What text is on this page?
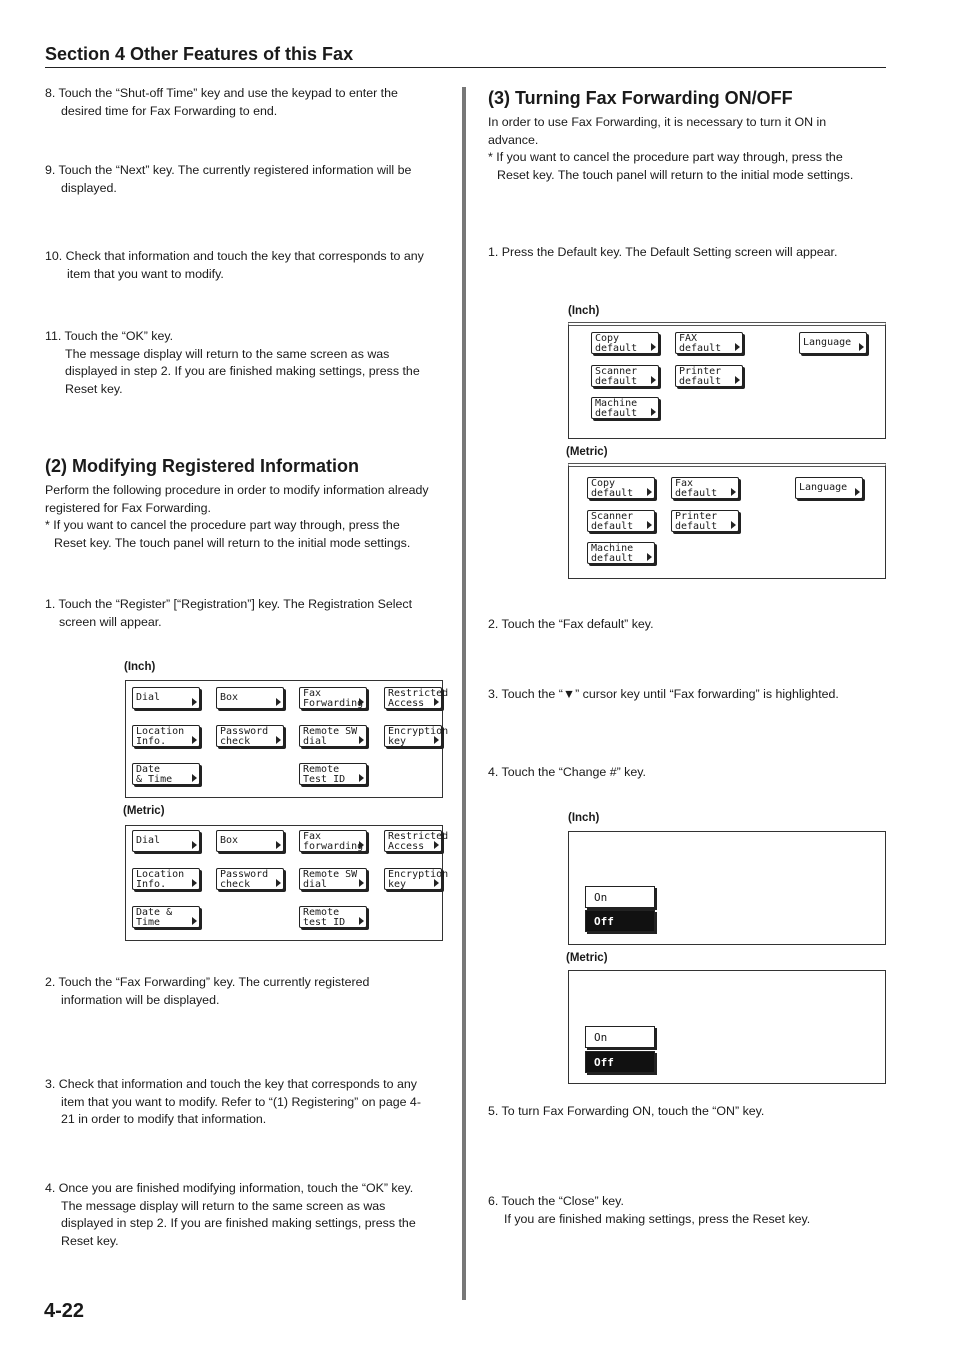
Section 4 Other Features of this Fax
8. Touch the “Shut-off Time” key and use the keypad to enter the
desired time for Fax Forwarding to end.
9. Touch the “Next” key. The currently registered information will be
displayed.
10. Check that information and touch the key that corresponds to any
item that you want to modify.
11. Touch the “OK” key.
The message display will return to the same screen as was
displayed in step 2. If you are finished making settings, press the
Reset key.
(2) Modifying Registered Information
Perform the following procedure in order to modify information already
registered for Fax Forwarding.
* If you want to cancel the procedure part way through, press the
Reset key. The touch panel will return to the initial mode settings.
1. Touch the “Register” [“Registration”] key. The Registration Select
screen will appear.
(Inch)
Dial	Box	Fax
Forwarding
Restricted
Access
Location
Info.
Password
check
Remote SW
dial
Encryption
key
Date
& Time
Remote
Test ID
(Metric)
Dial	Box	Fax
forwarding
Restricted
Access
Location
Info.
Password
check
Remote SW
dial
Encryption
key
Date &
Time
Remote
test ID
2. Touch the “Fax Forwarding” key. The currently registered
information will be displayed.
3. Check that information and touch the key that corresponds to any
item that you want to modify. Refer to “(1) Registering” on page 4-
21 in order to modify that information.
4. Once you are finished modifying information, touch the “OK” key.
The message display will return to the same screen as was
displayed in step 2. If you are finished making settings, press the
Reset key.
(3) Turning Fax Forwarding ON/OFF
In order to use Fax Forwarding, it is necessary to turn it ON in
advance.
* If you want to cancel the procedure part way through, press the
Reset key. The touch panel will return to the initial mode settings.
1. Press the Default key. The Default Setting screen will appear.
(Inch)
Copy
default
FAX
default
Language
Scanner
default
Printer
default
Machine
default
(Metric)
Copy
default
Fax
default
Language
Scanner
default
Printer
default
Machine
default
2. Touch the “Fax default” key.
3. Touch the “▼” cursor key until “Fax forwarding” is highlighted.
4. Touch the “Change #” key.
(Inch)
On
Off
(Metric)
On
Off
5. To turn Fax Forwarding ON, touch the “ON” key.
6. Touch the “Close” key.
If you are finished making settings, press the Reset key.
4-22
